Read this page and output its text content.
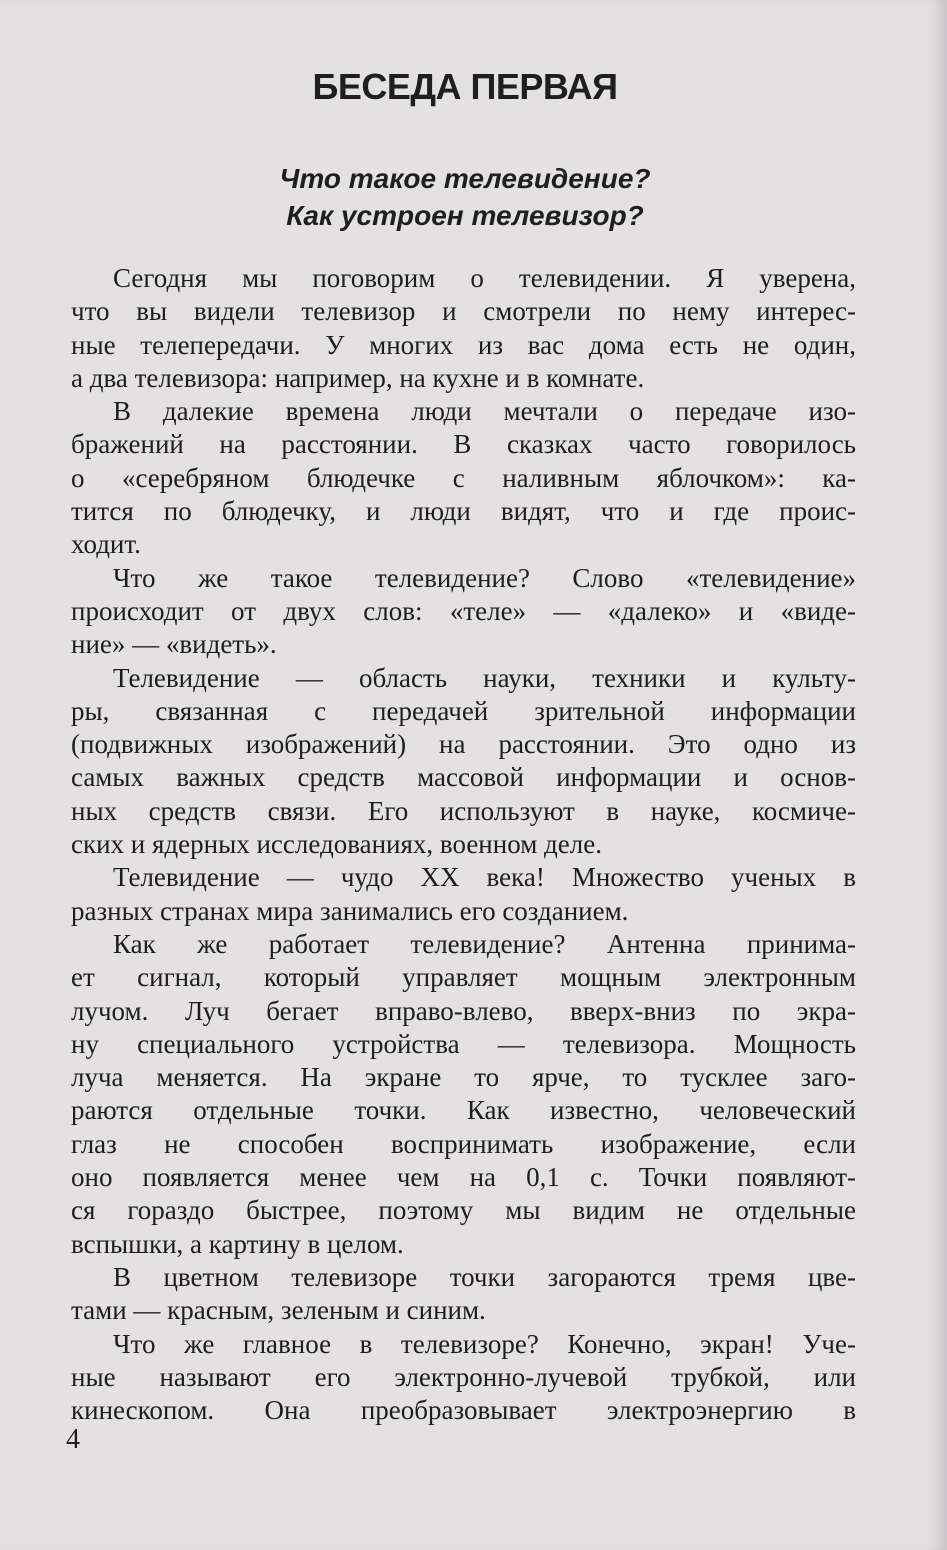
БЕСЕДА ПЕРВАЯ
Что такое телевидение?
Как устроен телевизор?
Сегодня мы поговорим о телевидении. Я уверена,
что вы видели телевизор и смотрели по нему интерес-
ные телепередачи. У многих из вас дома есть не один,
а два телевизора: например, на кухне и в комнате.
В далекие времена люди мечтали о передаче изо-
бражений на расстоянии. В сказках часто говорилось
о «серебряном блюдечке с наливным яблочком»: ка-
тится по блюдечку, и люди видят, что и где проис-
ходит.
Что же такое телевидение? Слово «телевидение»
происходит от двух слов: «теле» — «далеко» и «виде-
ние» — «видеть».
Телевидение — область науки, техники и культу-
ры, связанная с передачей зрительной информации
(подвижных изображений) на расстоянии. Это одно из
самых важных средств массовой информации и основ-
ных средств связи. Его используют в науке, космиче-
ских и ядерных исследованиях, военном деле.
Телевидение — чудо XX века! Множество ученых в
разных странах мира занимались его созданием.
Как же работает телевидение? Антенна принима-
ет сигнал, который управляет мощным электронным
лучом. Луч бегает вправо-влево, вверх-вниз по экра-
ну специального устройства — телевизора. Мощность
луча меняется. На экране то ярче, то тусклее заго-
раются отдельные точки. Как известно, человеческий
глаз не способен воспринимать изображение, если
оно появляется менее чем на 0,1 с. Точки появляют-
ся гораздо быстрее, поэтому мы видим не отдельные
вспышки, а картину в целом.
В цветном телевизоре точки загораются тремя цве-
тами — красным, зеленым и синим.
Что же главное в телевизоре? Конечно, экран! Уче-
ные называют его электронно-лучевой трубкой, или
кинескопом. Она преобразовывает электроэнергию в
4
